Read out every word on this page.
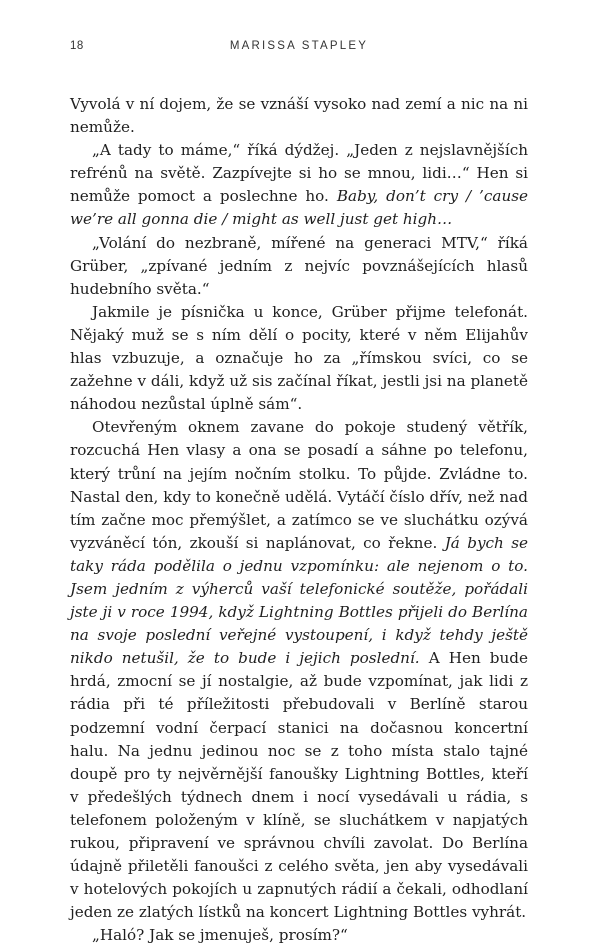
18	MARISSA STAPLEY

Vyvolá v ní dojem, že se vznáší vysoko nad zemí a nic na ni nemůže.

„A tady to máme,“ říká dýdžej. „Jeden z nejslavnějších refrénů na světě. Zazpívejte si ho se mnou, lidi…“ Hen si nemůže pomoct a poslechne ho. Baby, don’t cry / ’cause we’re all gonna die / might as well just get high…

„Volání do nezbraně, mířené na generaci MTV,“ říká Grüber, „zpívané jedním z nejvíc povznášejících hlasů hudebního světa.“

Jakmile je písnička u konce, Grüber přijme telefonát. Nějaký muž se s ním dělí o pocity, které v něm Elijahův hlas vzbuzuje, a označuje ho za „římskou svíci, co se zažehne v dáli, když už sis začínal říkat, jestli jsi na planetě náhodou nezůstal úplně sám“.

Otevřeným oknem zavane do pokoje studený větřík, rozcuchá Hen vlasy a ona se posadí a sáhne po telefonu, který trůní na jejím nočním stolku. To půjde. Zvládne to. Nastal den, kdy to konečně udělá. Vytáčí číslo dřív, než nad tím začne moc přemýšlet, a zatímco se ve sluchátku ozývá vyzváněcí tón, zkouší si naplánovat, co řekne. Já bych se taky ráda podělila o jednu vzpomínku: ale nejenom o to. Jsem jedním z výherců vaší telefonické soutěže, pořádali jste ji v roce 1994, když Lightning Bottles přijeli do Berlína na svoje poslední veřejné vystoupení, i když tehdy ještě nikdo netušil, že to bude i jejich poslední. A Hen bude hrdá, zmocní se jí nostalgie, až bude vzpomínat, jak lidi z rádia při té příležitosti přebudovali v Berlíně starou podzemní vodní čerpací stanici na dočasnou koncertní halu. Na jednu jedinou noc se z toho místa stalo tajné doupě pro ty nejvěrnější fanoušky Lightning Bottles, kteří v předešlých týdnech dnem i nocí vysedávali u rádia, s telefonem položeným v klíně, se sluchátkem v napjatých rukou, připravení ve správnou chvíli zavolat. Do Berlína údajně přiletěli fanoušci z celého světa, jen aby vysedávali v hotelových pokojích u zapnutých rádií a čekali, odhodlaní jeden ze zlatých lístků na koncert Lightning Bottles vyhrát.

„Haló? Jak se jmenuješ, prosím?“
